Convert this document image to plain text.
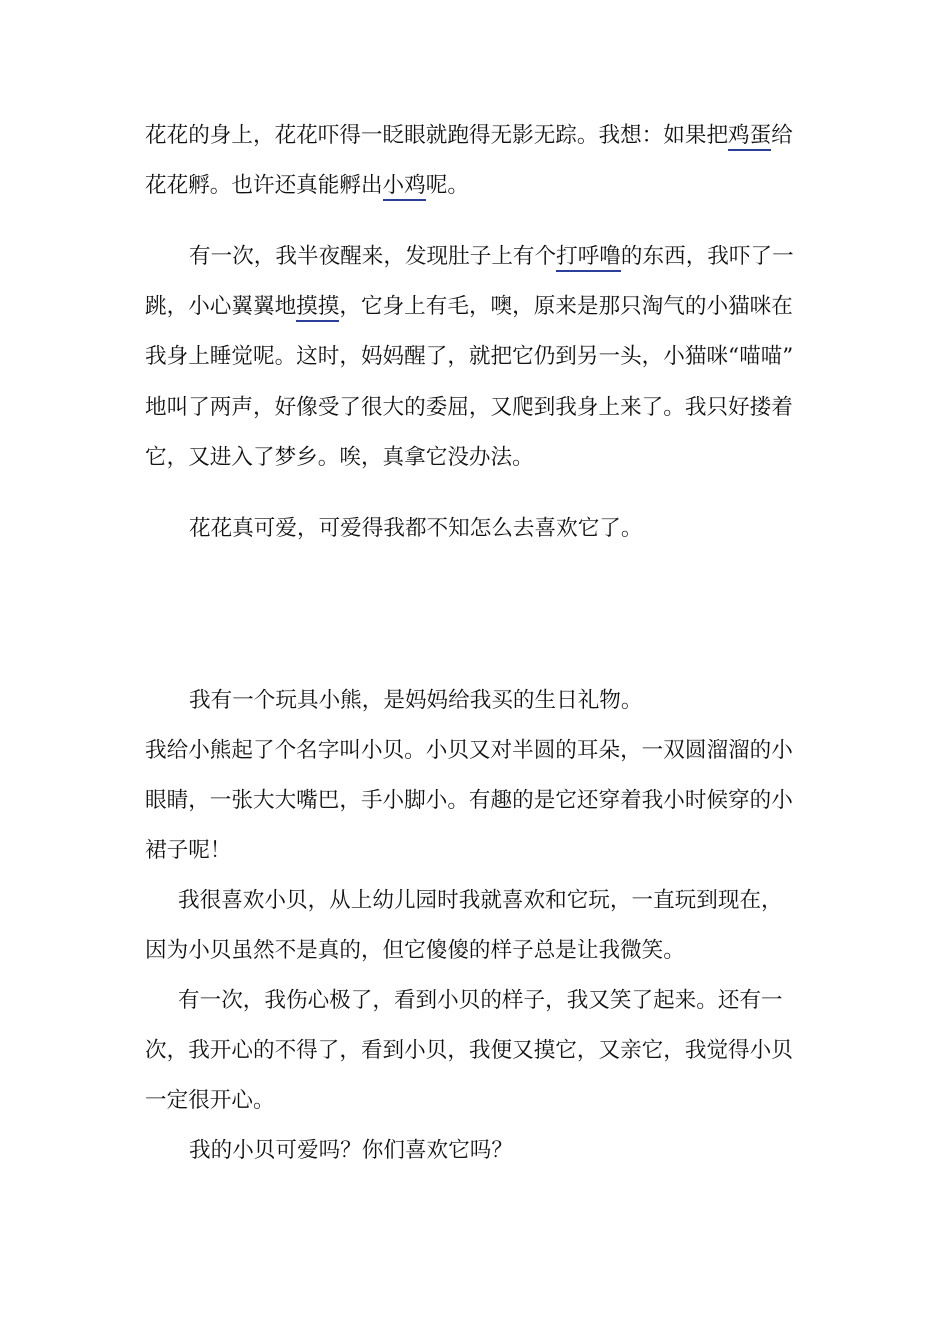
花花的身上，花花吓得一眨眼就跑得无影无踪。我想：如果把鸡蛋给
花花孵。也许还真能孵出小鸡呢。
有一次，我半夜醒来，发现肚子上有个打呼噜的东西，我吓了一
跳，小心翼翼地摸摸，它身上有毛，噢，原来是那只淘气的小猫咪在
我身上睡觉呢。这时，妈妈醒了，就把它仍到另一头，小猫咪“喵喵”
地叫了两声，好像受了很大的委屈，又爬到我身上来了。我只好搂着
它，又进入了梦乡。唉，真拿它没办法。
花花真可爱，可爱得我都不知怎么去喜欢它了。
我有一个玩具小熊，是妈妈给我买的生日礼物。
我给小熊起了个名字叫小贝。小贝又对半圆的耳朵，一双圆溜溜的小
眼睛，一张大大嘴巴，手小脚小。有趣的是它还穿着我小时候穿的小
裙子呢！
我很喜欢小贝，从上幼儿园时我就喜欢和它玩，一直玩到现在，
因为小贝虽然不是真的，但它傻傻的样子总是让我微笑。
有一次，我伤心极了，看到小贝的样子，我又笑了起来。还有一
次，我开心的不得了，看到小贝，我便又摸它，又亲它，我觉得小贝
一定很开心。
我的小贝可爱吗？你们喜欢它吗？
